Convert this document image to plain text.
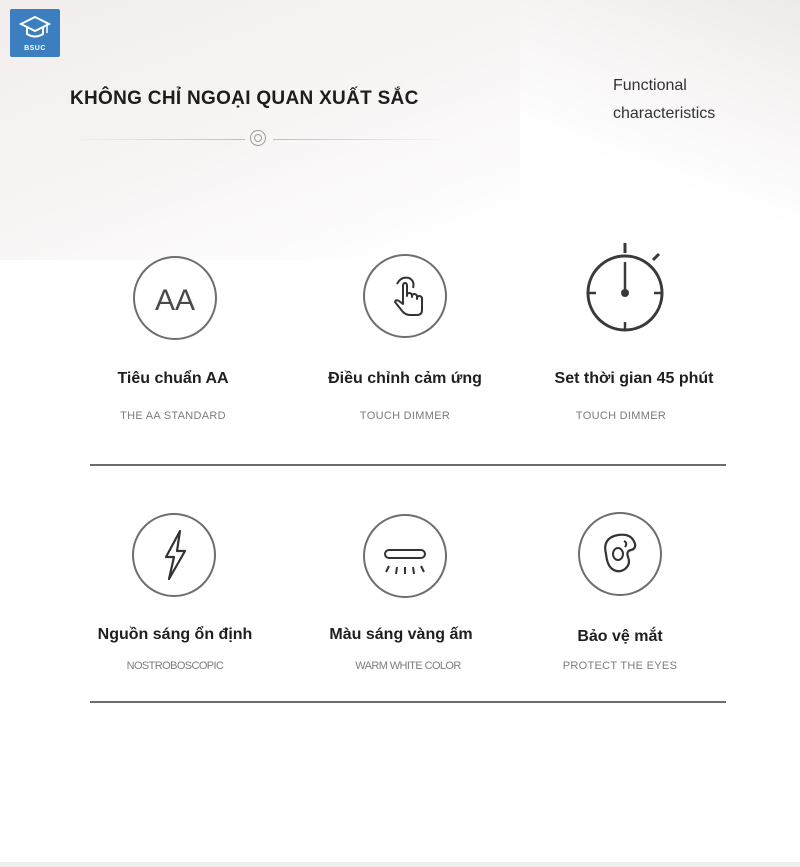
BSUC
KHÔNG CHỈ NGOẠI QUAN XUẤT SẮC
Functional
characteristics
AA
Tiêu chuẩn AA
THE AA STANDARD
Điều chỉnh cảm ứng
TOUCH DIMMER
Set thời gian 45 phút
TOUCH DIMMER
Nguồn sáng ổn định
NOSTROBOSCOPIC
Màu sáng vàng ấm
WARM WHITE COLOR
Bảo vệ mắt
PROTECT THE EYES
